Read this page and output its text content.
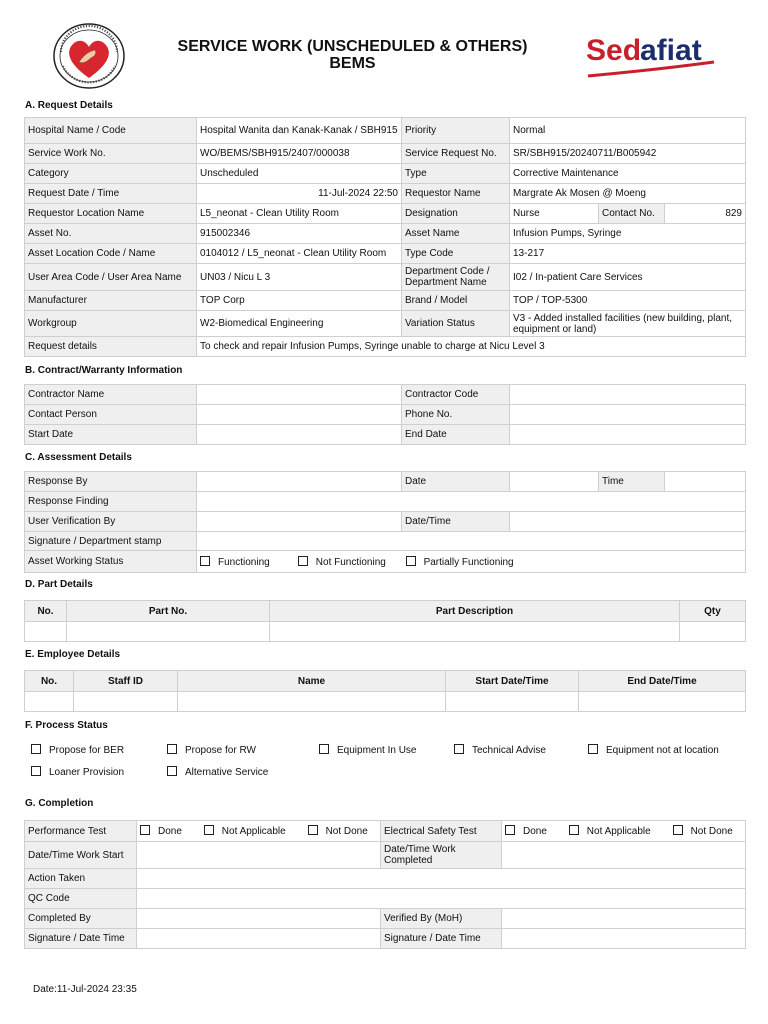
SERVICE WORK (UNSCHEDULED & OTHERS)
BEMS	Sed
afiat
A. Request Details
Hospital Name / Code	Hospital Wanita dan Kanak-Kanak / SBH915	Priority	Normal		
Service Work No.	WO/BEMS/SBH915/2407/000038	Service Request No.	SR/SBH915/20240711/B005942		
Category	Unscheduled	Type	Corrective Maintenance		
Request Date / Time	11-Jul-2024 22:50	Requestor Name	Margrate Ak Mosen @ Moeng		
Requestor Location Name	L5_neonat - Clean Utility Room	Designation	Nurse	Contact No.	829
Asset No.	915002346	Asset Name	Infusion Pumps, Syringe		
Asset Location Code / Name	0104012 / L5_neonat - Clean Utility Room	Type Code	13-217		
User Area Code / User Area Name	UN03 / Nicu L 3	Department Code / Department Name	I02 / In-patient Care Services		
Manufacturer	TOP Corp	Brand / Model	TOP / TOP-5300		
Workgroup	W2-Biomedical Engineering	Variation Status	V3 - Added installed facilities (new building, plant, equipment or land)		
Request details	To check and repair Infusion Pumps, Syringe unable to charge at Nicu Level 3				
B. Contract/Warranty Information
Contractor Name		Contractor Code	
Contact Person		Phone No.	
Start Date		End Date	
C. Assessment Details
Response By		Date		Time	
Response Finding					
User Verification By		Date/Time			
Signature / Department stamp					
Asset Working Status	Functioning Not Functioning Partially Functioning				
D. Part Details
No.	Part No.	Part Description	Qty

E. Employee Details
No.	Staff ID	Name	Start Date/Time	End Date/Time

F. Process Status
Propose for BER	Propose for RW	Equipment In Use	Technical Advise	Equipment not at location
Loaner Provision	Alternative Service
G. Completion
Performance Test	Done Not Applicable Not Done	Electrical Safety Test	Done Not Applicable Not Done
Date/Time Work Start		Date/Time Work Completed	
Action Taken			
QC Code			
Completed By		Verified By (MoH)	
Signature / Date Time		Signature / Date Time	
Date:11-Jul-2024 23:35
